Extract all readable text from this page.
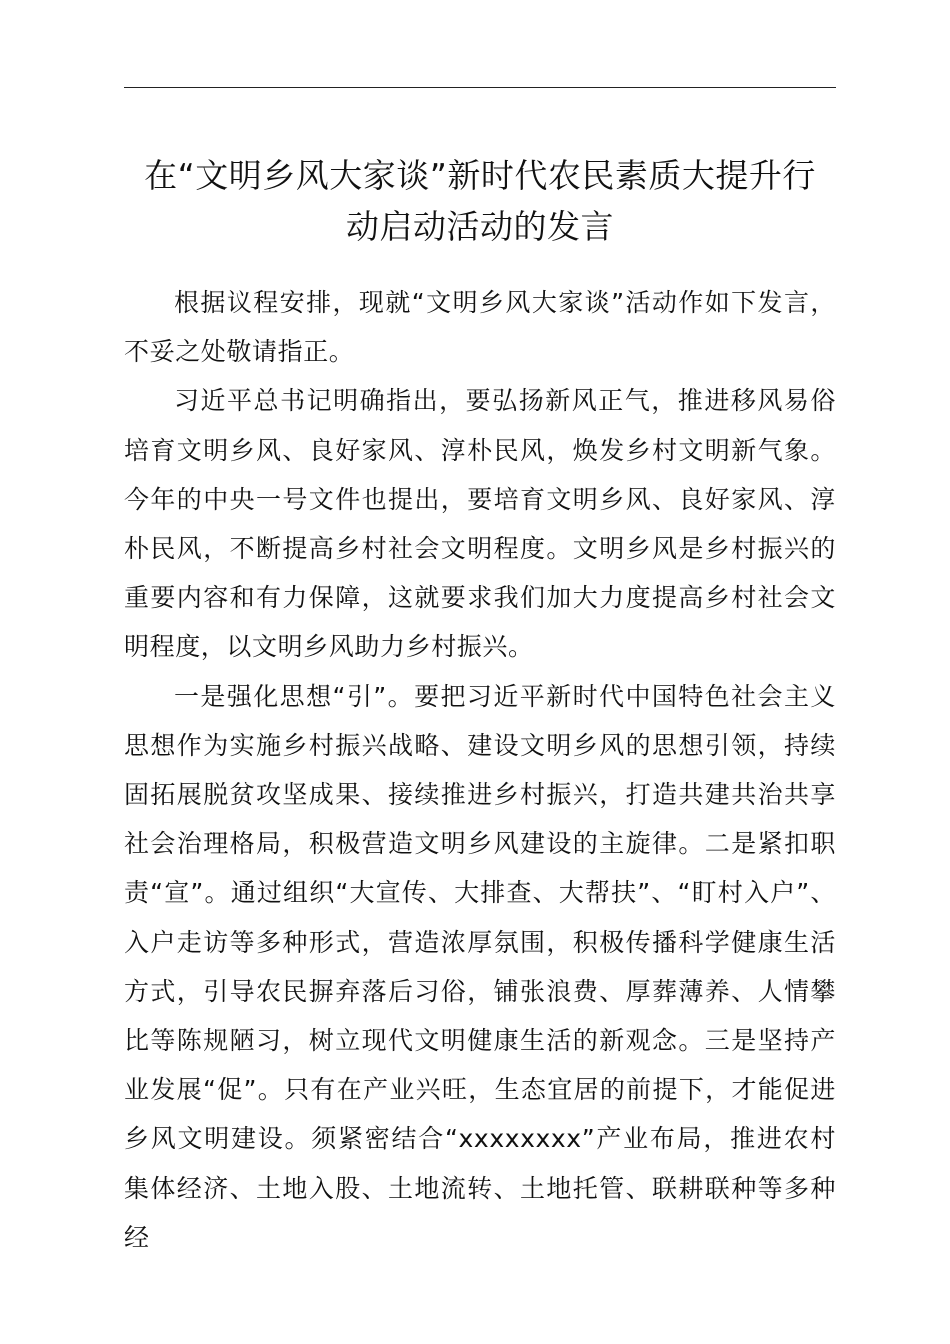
在“文明乡风大家谈”新时代农民素质大提升行
动启动活动的发言

根据议程安排，现就“文明乡风大家谈”活动作如下发言，不妥之处敬请指正。

习近平总书记明确指出，要弘扬新风正气，推进移风易俗培育文明乡风、良好家风、淳朴民风，焕发乡村文明新气象。今年的中央一号文件也提出，要培育文明乡风、良好家风、淳朴民风，不断提高乡村社会文明程度。文明乡风是乡村振兴的重要内容和有力保障，这就要求我们加大力度提高乡村社会文明程度，以文明乡风助力乡村振兴。

一是强化思想“引”。要把习近平新时代中国特色社会主义思想作为实施乡村振兴战略、建设文明乡风的思想引领，持续固拓展脱贫攻坚成果、接续推进乡村振兴，打造共建共治共享社会治理格局，积极营造文明乡风建设的主旋律。二是紧扣职责“宣”。通过组织“大宣传、大排查、大帮扶”、“盯村入户”、入户走访等多种形式，营造浓厚氛围，积极传播科学健康生活方式，引导农民摒弃落后习俗，铺张浪费、厚葬薄养、人情攀比等陈规陋习，树立现代文明健康生活的新观念。三是坚持产业发展“促”。只有在产业兴旺，生态宜居的前提下，才能促进乡风文明建设。须紧密结合“xxxxxxxx”产业布局，推进农村集体经济、土地入股、土地流转、土地托管、联耕联种等多种经
